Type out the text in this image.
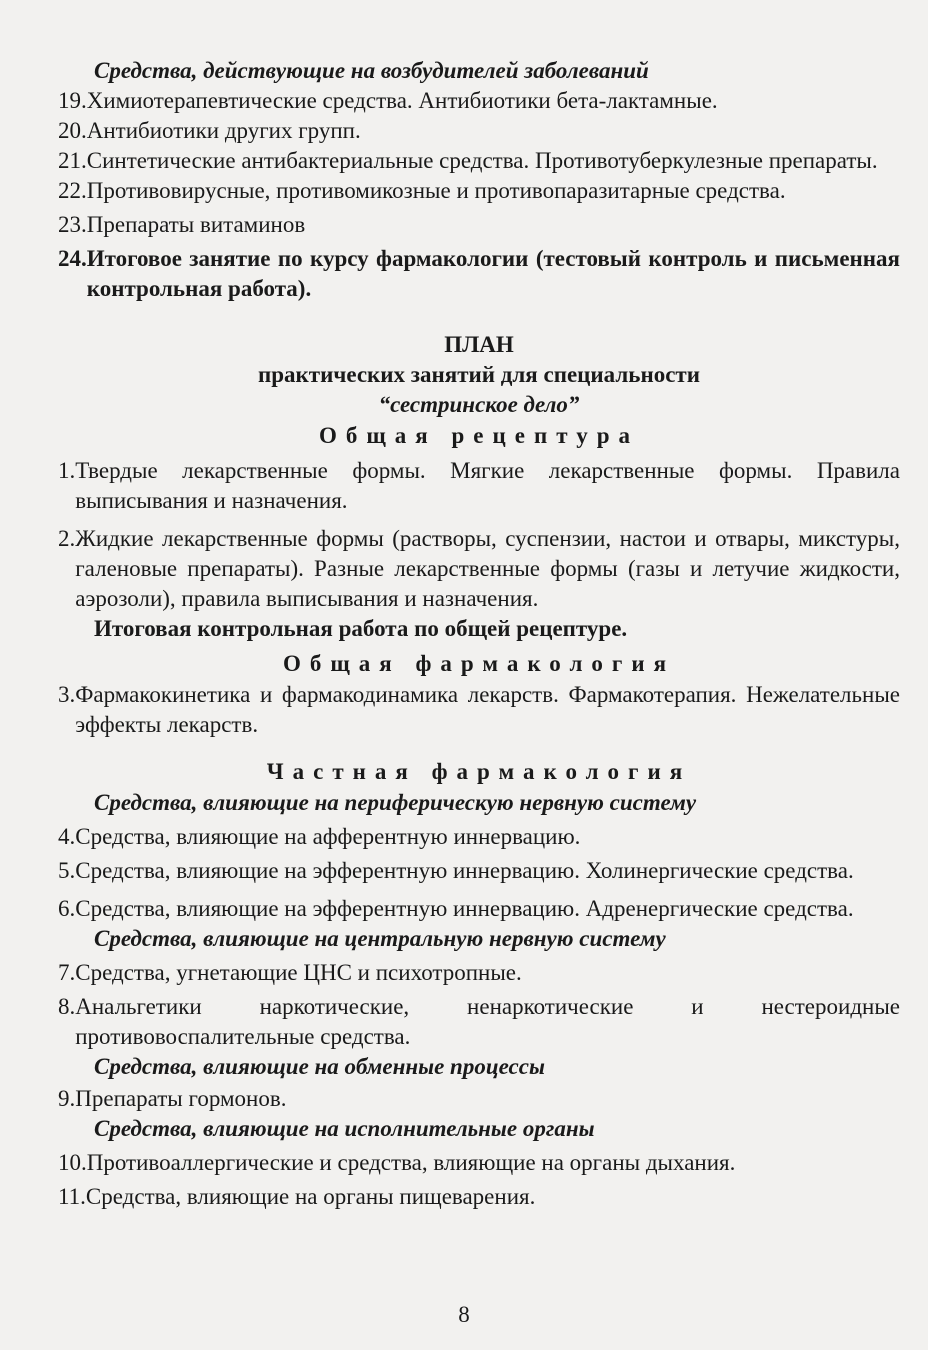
Средства, действующие на возбудителей заболеваний
19. Химиотерапевтические средства. Антибиотики бета-лактамные.
20. Антибиотики других групп.
21. Синтетические антибактериальные средства. Противотуберкулезные препараты.
22. Противовирусные, противомикозные и противопаразитарные средства.
23. Препараты витаминов
24. Итоговое занятие по курсу фармакологии (тестовый контроль и письменная контрольная работа).
ПЛАН
практических занятий для специальности
“сестринское дело”
Общая рецептура
1. Твердые лекарственные формы. Мягкие лекарственные формы. Правила выписывания и назначения.
2. Жидкие лекарственные формы (растворы, суспензии, настои и отвары, микстуры, галеновые препараты). Разные лекарственные формы (газы и летучие жидкости, аэрозоли), правила выписывания и назначения.
Итоговая контрольная работа по общей рецептуре.
Общая фармакология
3. Фармакокинетика и фармакодинамика лекарств. Фармакотерапия. Нежелательные эффекты лекарств.
Частная фармакология
Средства, влияющие на периферическую нервную систему
4. Средства, влияющие на афферентную иннервацию.
5. Средства, влияющие на эфферентную иннервацию. Холинергические средства.
6. Средства, влияющие на эфферентную иннервацию. Адренергические средства.
Средства, влияющие на центральную нервную систему
7. Средства, угнетающие ЦНС и психотропные.
8. Анальгетики наркотические, ненаркотические и нестероидные противовоспалительные средства.
Средства, влияющие на обменные процессы
9. Препараты гормонов.
Средства, влияющие на исполнительные органы
10. Противоаллергические и средства, влияющие на органы дыхания.
11. Средства, влияющие на органы пищеварения.
8
